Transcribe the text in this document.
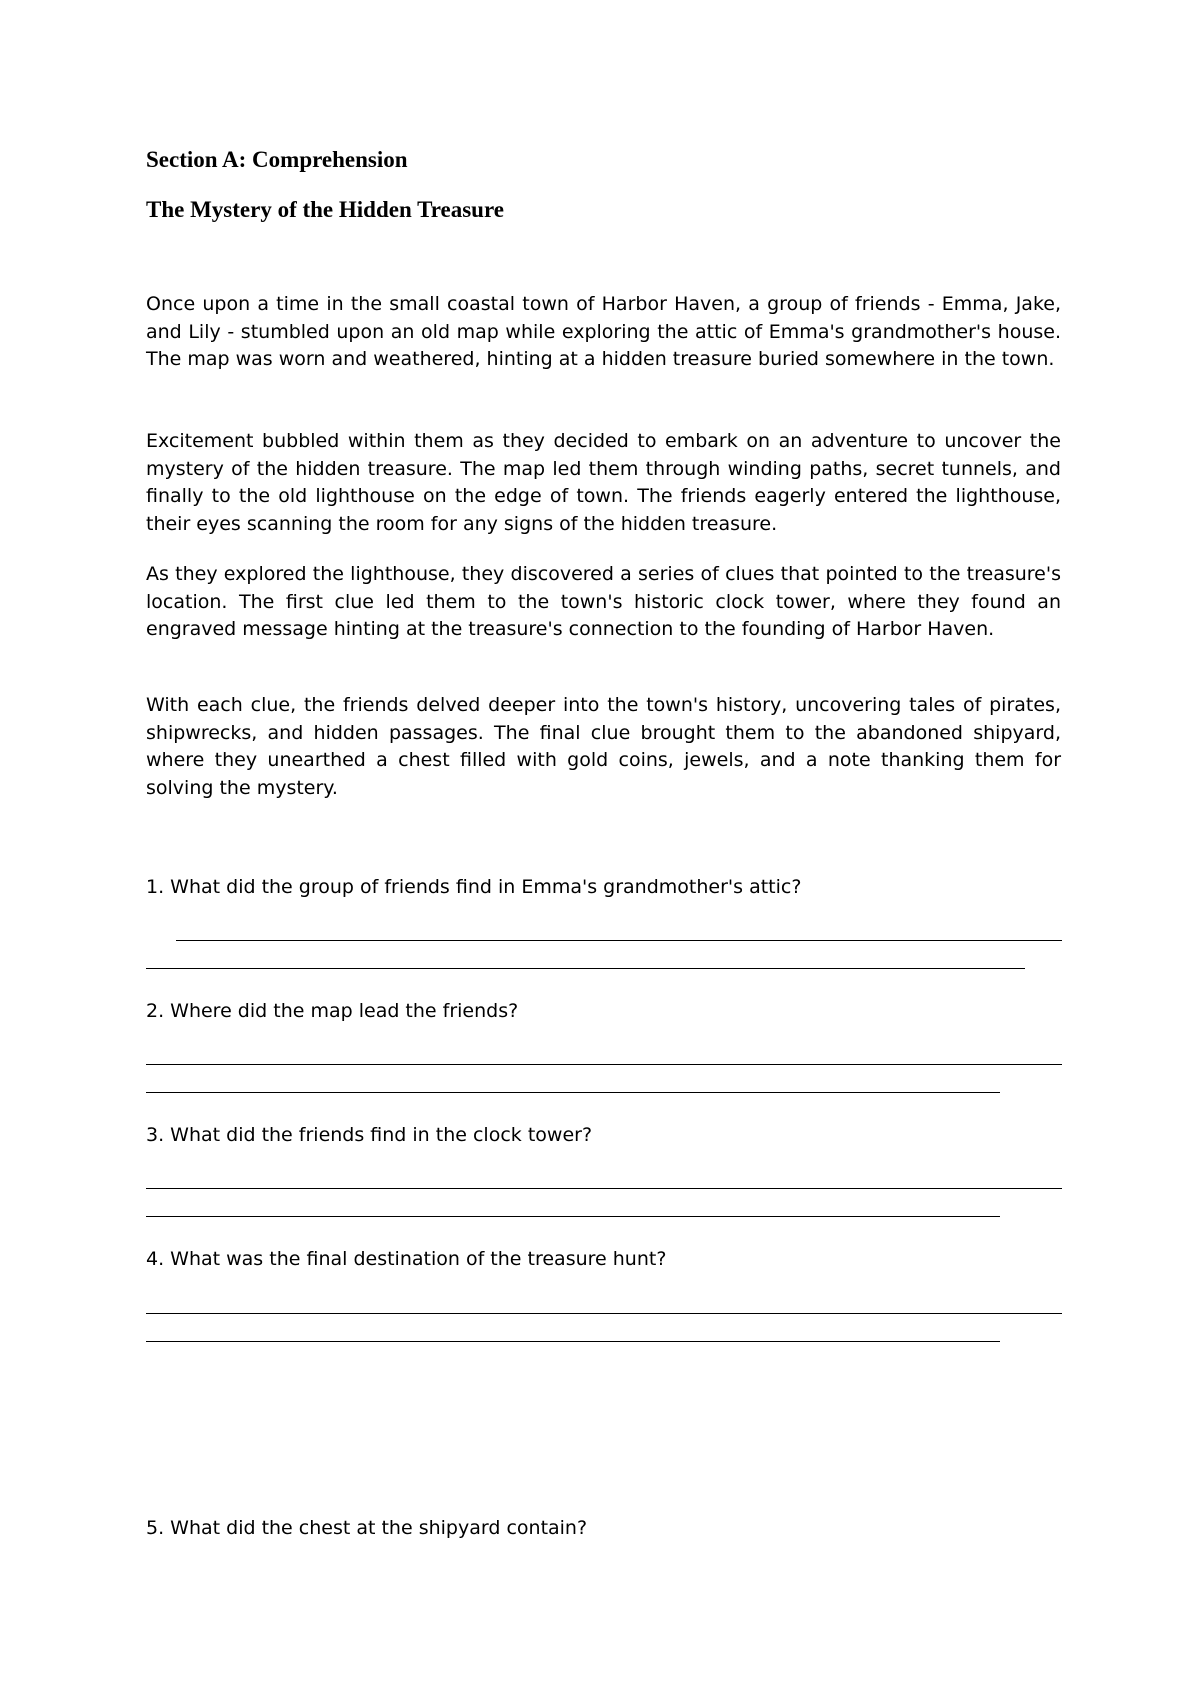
Section A: Comprehension
The Mystery of the Hidden Treasure

Once upon a time in the small coastal town of Harbor Haven, a group of friends - Emma, Jake, and Lily - stumbled upon an old map while exploring the attic of Emma's grandmother's house. The map was worn and weathered, hinting at a hidden treasure buried somewhere in the town.

Excitement bubbled within them as they decided to embark on an adventure to uncover the mystery of the hidden treasure. The map led them through winding paths, secret tunnels, and finally to the old lighthouse on the edge of town. The friends eagerly entered the lighthouse, their eyes scanning the room for any signs of the hidden treasure.

As they explored the lighthouse, they discovered a series of clues that pointed to the treasure's location. The first clue led them to the town's historic clock tower, where they found an engraved message hinting at the treasure's connection to the founding of Harbor Haven.

With each clue, the friends delved deeper into the town's history, uncovering tales of pirates, shipwrecks, and hidden passages. The final clue brought them to the abandoned shipyard, where they unearthed a chest filled with gold coins, jewels, and a note thanking them for solving the mystery.

1. What did the group of friends find in Emma's grandmother's attic?
2. Where did the map lead the friends?
3. What did the friends find in the clock tower?
4. What was the final destination of the treasure hunt?
5. What did the chest at the shipyard contain?
